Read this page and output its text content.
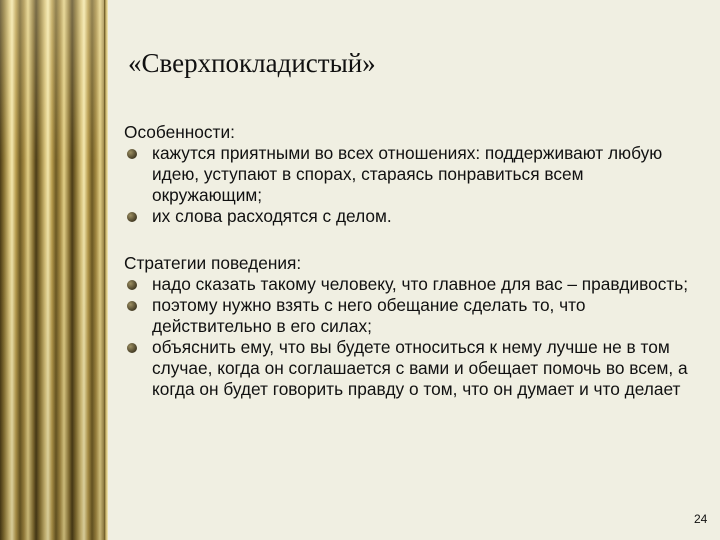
«Сверхпокладистый»

Особенности:

кажутся приятными во всех отношениях: поддерживают любую идею, уступают в спорах, стараясь понравиться всем окружающим;
их слова расходятся с делом.

Стратегии поведения:

надо сказать такому человеку, что главное для вас – правдивость;
поэтому нужно взять с него обещание сделать то, что действительно в его силах;
объяснить ему, что вы будете относиться к нему лучше не в том случае, когда он соглашается с вами и обещает помочь во всем, а когда он будет говорить правду о том, что он думает и что делает
24
